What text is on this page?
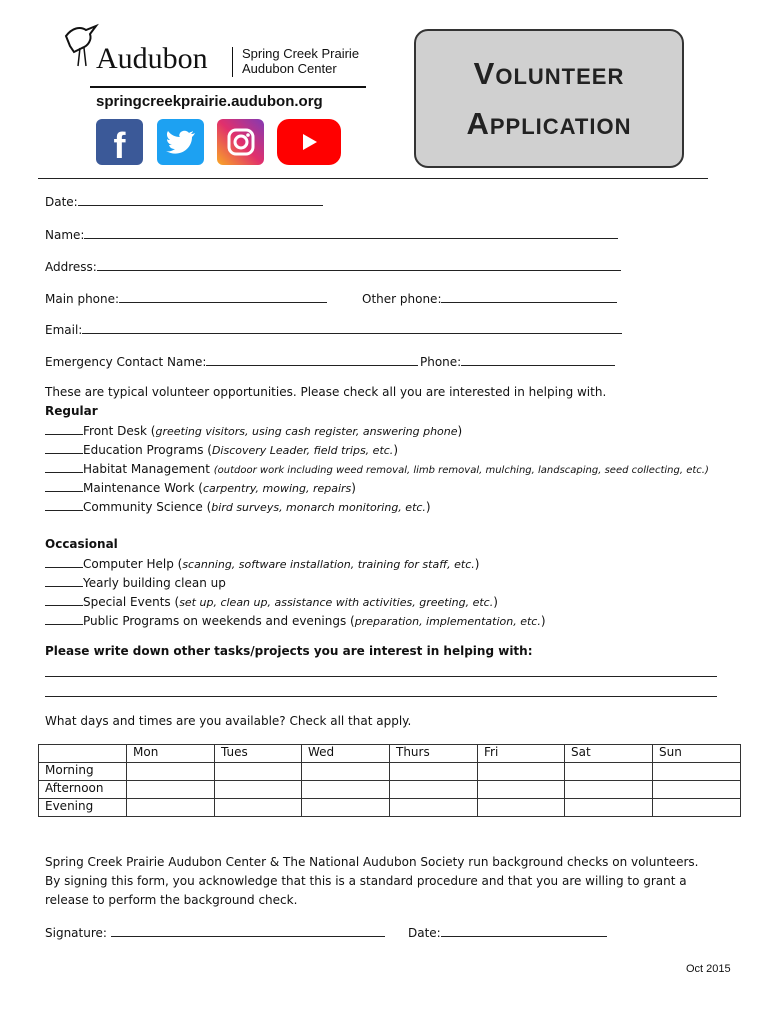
Audubon	Spring Creek Prairie
Audubon Center
springcreekprairie.audubon.org
f
Volunteer
Application
Date:
Name:
Address:
Main phone:	Other phone:
Email:
Emergency Contact Name:	Phone:
These are typical volunteer opportunities. Please check all you are interested in helping with.
Regular
Front Desk (greeting visitors, using cash register, answering phone)
Education Programs (Discovery Leader, field trips, etc.)
Habitat Management (outdoor work including weed removal, limb removal, mulching, landscaping, seed collecting, etc.)
Maintenance Work (carpentry, mowing, repairs)
Community Science (bird surveys, monarch monitoring, etc.)
Occasional
Computer Help (scanning, software installation, training for staff, etc.)
Yearly building clean up
Special Events (set up, clean up, assistance with activities, greeting, etc.)
Public Programs on weekends and evenings (preparation, implementation, etc.)
Please write down other tasks/projects you are interest in helping with:
What days and times are you available? Check all that apply.
	Mon	Tues	Wed	Thurs	Fri	Sat	Sun
Morning							
Afternoon							
Evening							
Spring Creek Prairie Audubon Center & The National Audubon Society run background checks on volunteers. By signing this form, you acknowledge that this is a standard procedure and that you are willing to grant a release to perform the background check.
Signature:	Date:
Oct 2015
